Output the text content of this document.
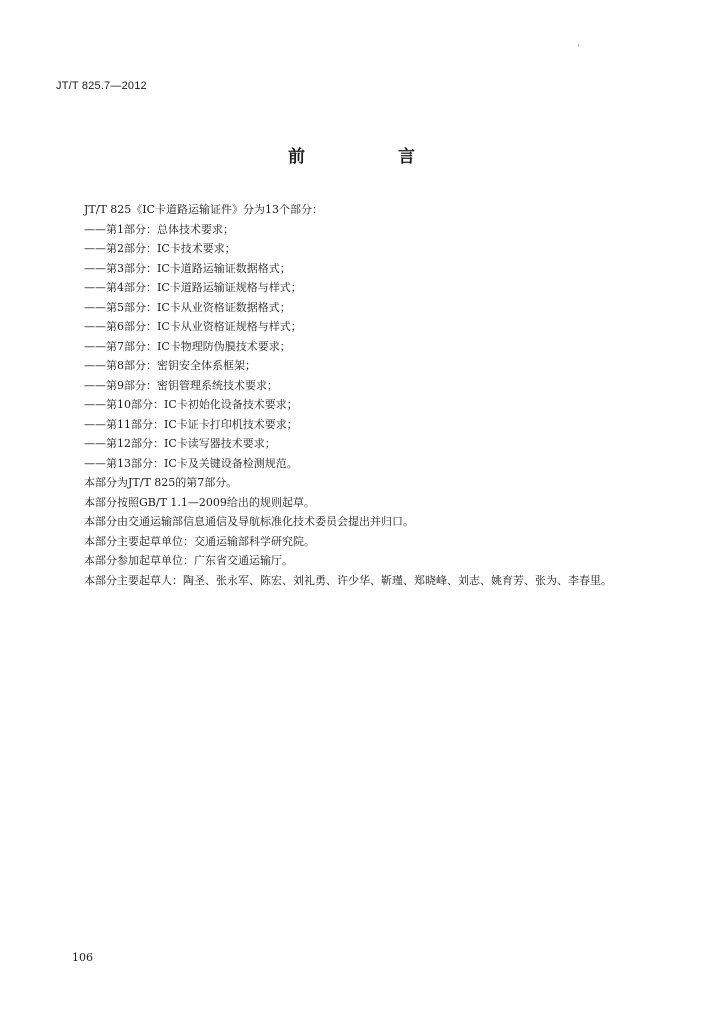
JT/T 825.7—2012
前　言
JT/T 825《IC卡道路运输证件》分为13个部分：
——第1部分：总体技术要求；
——第2部分：IC卡技术要求；
——第3部分：IC卡道路运输证数据格式；
——第4部分：IC卡道路运输证规格与样式；
——第5部分：IC卡从业资格证数据格式；
——第6部分：IC卡从业资格证规格与样式；
——第7部分：IC卡物理防伪膜技术要求；
——第8部分：密钥安全体系框架；
——第9部分：密钥管理系统技术要求；
——第10部分：IC卡初始化设备技术要求；
——第11部分：IC卡证卡打印机技术要求；
——第12部分：IC卡读写器技术要求；
——第13部分：IC卡及关键设备检测规范。
本部分为JT/T 825的第7部分。
本部分按照GB/T 1.1—2009给出的规则起草。
本部分由交通运输部信息通信及导航标准化技术委员会提出并归口。
本部分主要起草单位：交通运输部科学研究院。
本部分参加起草单位：广东省交通运输厅。
本部分主要起草人：陶圣、张永军、陈宏、刘礼勇、许少华、靳瑾、郑晓峰、刘志、姚育芳、张为、李春里。
106
